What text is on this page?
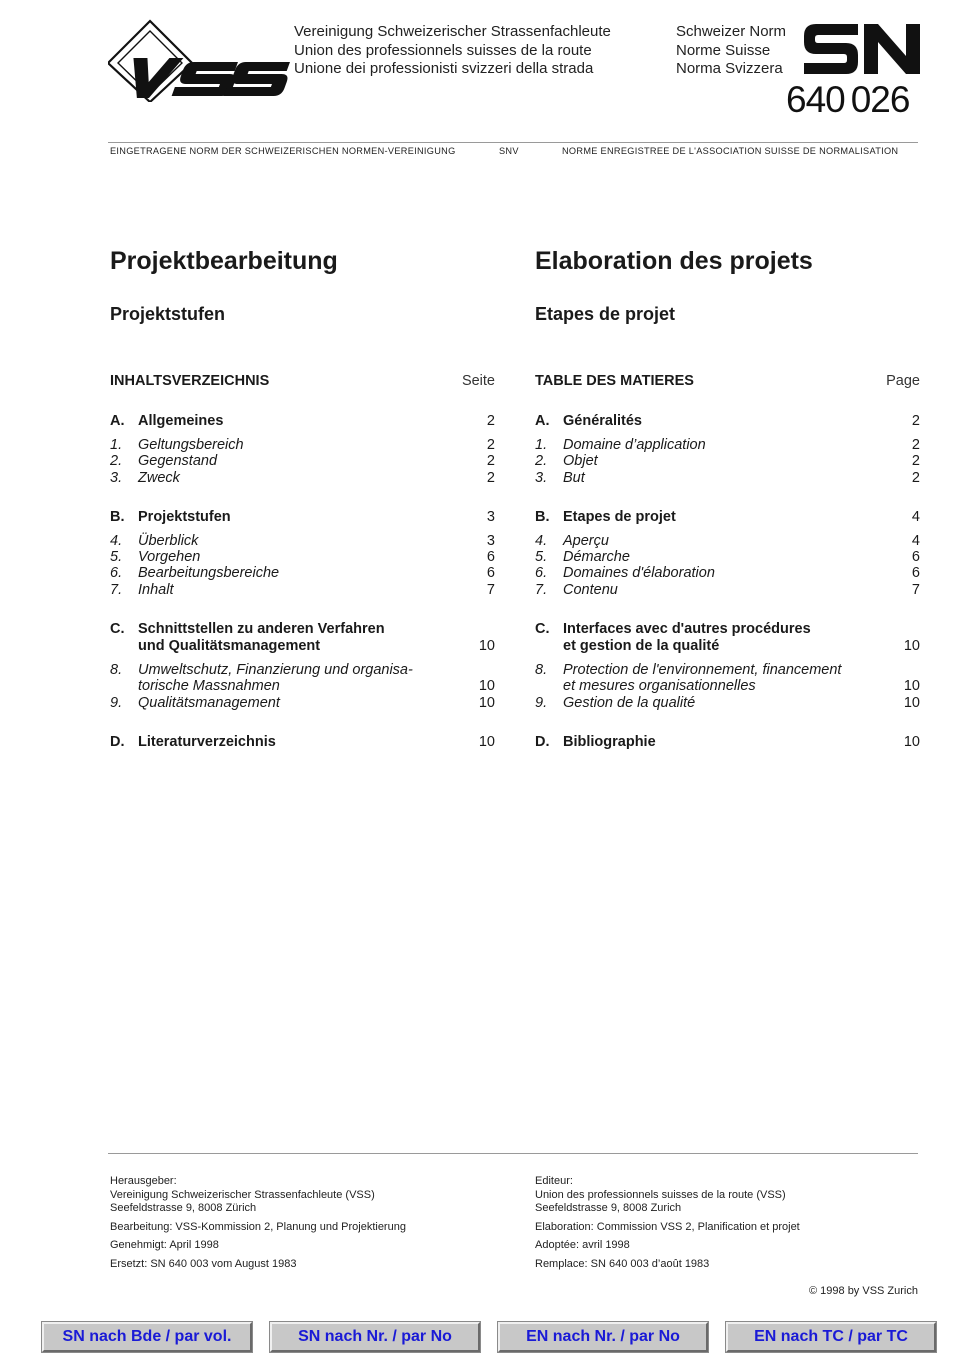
Vereinigung Schweizerischer Strassenfachleute
Union des professionnels suisses de la route
Unione dei professionisti svizzeri della strada
Schweizer Norm
Norme Suisse
Norma Svizzera
640 026
EINGETRAGENE NORM DER SCHWEIZERISCHEN NORMEN-VEREINIGUNG	SNV	NORME ENREGISTREE DE L'ASSOCIATION SUISSE DE NORMALISATION
Projektbearbeitung	Elaboration des projets
Projektstufen	Etapes de projet
INHALTSVERZEICHNIS	Seite
A. Allgemeines	2
1.	Geltungsbereich	2
2.	Gegenstand	2
3.	Zweck	2
B. Projektstufen	3
4.	Überblick	3
5.	Vorgehen	6
6.	Bearbeitungsbereiche	6
7.	Inhalt	7
C. Schnittstellen zu anderen Verfahren
und Qualitätsmanagement	10
8.	Umweltschutz, Finanzierung und organisa-
torische Massnahmen	10
9.	Qualitätsmanagement	10
D. Literaturverzeichnis	10
TABLE DES MATIERES	Page
A. Généralités	2
1.	Domaine d’application	2
2.	Objet	2
3.	But	2
B. Etapes de projet	4
4.	Aperçu	4
5.	Démarche	6
6.	Domaines d'élaboration	6
7.	Contenu	7
C. Interfaces avec d'autres procédures
et gestion de la qualité	10
8.	Protection de l'environnement, financement
et mesures organisationnelles	10
9.	Gestion de la qualité	10
D. Bibliographie	10
Herausgeber:
Vereinigung Schweizerischer Strassenfachleute (VSS)
Seefeldstrasse 9, 8008 Zürich
Bearbeitung: VSS-Kommission 2, Planung und Projektierung
Genehmigt: April 1998
Ersetzt: SN 640 003 vom August 1983
Editeur:
Union des professionnels suisses de la route (VSS)
Seefeldstrasse 9, 8008 Zurich
Elaboration: Commission VSS 2, Planification et projet
Adoptée: avril 1998
Remplace: SN 640 003 d’août 1983
© 1998 by VSS Zurich
SN nach Bde / par vol.	SN nach Nr. / par No	EN nach Nr. / par No	EN nach TC / par TC
